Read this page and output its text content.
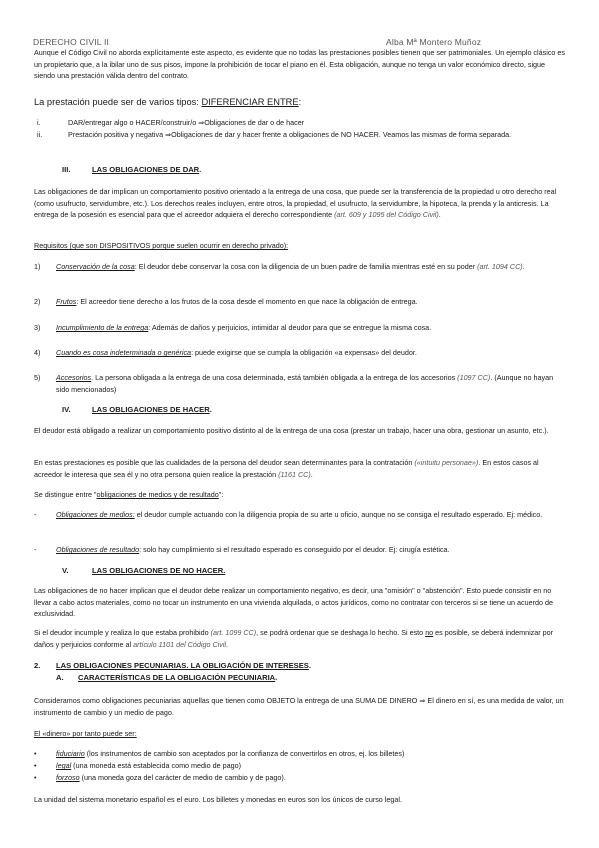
DERECHO CIVIL II	Alba Mª Montero Muñoz

Aunque el Código Civil no aborda explícitamente este aspecto, es evidente que no todas las prestaciones posibles tienen que ser patrimoniales. Un ejemplo clásico es un propietario que, a la ibilar uno de sus pisos, impone la prohibición de tocar el piano en él. Esta obligación, aunque no tenga un valor económico directo, sigue siendo una prestación válida dentro del contrato.

La prestación puede ser de varios tipos: DIFERENCIAR ENTRE:
i.	DAR/entregar algo o HACER/construir/o ⇒Obligaciones de dar o de hacer
ii.	Prestación positiva y negativa ⇒Obligaciones de dar y hacer frente a obligaciones de NO HACER. Veamos las mismas de forma separada.
III.	LAS OBLIGACIONES DE DAR.

Las obligaciones de dar implican un comportamiento positivo orientado a la entrega de una cosa, que puede ser la transferencia de la propiedad u otro derecho real (como usufructo, servidumbre, etc.). Los derechos reales incluyen, entre otros, la propiedad, el usufructo, la servidumbre, la hipoteca, la prenda y la anticresis. La entrega de la posesión es esencial para que el acreedor adquiera el derecho correspondiente (art. 609 y 1095 del Código Civil).

Requisitos (que son DISPOSITIVOS porque suelen ocurrir en derecho privado):
1) Conservación de la cosa: El deudor debe conservar la cosa con la diligencia de un buen padre de familia mientras esté en su poder (art. 1094 CC).
2) Frutos: El acreedor tiene derecho a los frutos de la cosa desde el momento en que nace la obligación de entrega.
3) Incumplimiento de la entrega: Además de daños y perjuicios, intimidar al deudor para que se entregue la misma cosa.
4) Cuando es cosa indeterminada o genérica: puede exigirse que se cumpla la obligación «a expensas» del deudor.
5) Accesorios. La persona obligada a la entrega de una cosa determinada, está también obligada a la entrega de los accesorios (1097 CC). (Aunque no hayan sido mencionados)
IV.	LAS OBLIGACIONES DE HACER.

El deudor está obligado a realizar un comportamiento positivo distinto al de la entrega de una cosa (prestar un trabajo, hacer una obra, gestionar un asunto, etc.).

En estas prestaciones es posible que las cualidades de la persona del deudor sean determinantes para la contratación («intuitu personae»). En estos casos al acreedor le interesa que sea él y no otra persona quien realice la prestación (1161 CC).

Se distingue entre "obligaciones de medios y de resultado":
-	Obligaciones de medios: el deudor cumple actuando con la diligencia propia de su arte u oficio, aunque no se consiga el resultado esperado. Ej: médico.
-	Obligaciones de resultado: solo hay cumplimiento si el resultado esperado es conseguido por el deudor. Ej: cirugía estética.
V.	LAS OBLIGACIONES DE NO HACER.

Las obligaciones de no hacer implican que el deudor debe realizar un comportamiento negativo, es decir, una "omisión" o "abstención". Esto puede consistir en no llevar a cabo actos materiales, como no tocar un instrumento en una vivienda alquilada, o actos jurídicos, como no contratar con terceros si se tiene un acuerdo de exclusividad.

Si el deudor incumple y realiza lo que estaba prohibido (art. 1099 CC), se podrá ordenar que se deshaga lo hecho. Si esto no es posible, se deberá indemnizar por daños y perjuicios conforme al artículo 1101 del Código Civil.

2. LAS OBLIGACIONES PECUNIARIAS. LA OBLIGACIÓN DE INTERESES.
A. CARACTERÍSTICAS DE LA OBLIGACIÓN PECUNIARIA.

Consideramos como obligaciones pecuniarias aquellas que tienen como OBJETO la entrega de una SUMA DE DINERO ⇒ El dinero en sí, es una medida de valor, un instrumento de cambio y un medio de pago.

El «dinero» por tanto puede ser:
•	fiduciario (los instrumentos de cambio son aceptados por la confianza de convertirlos en otros, ej. los billetes)
•	legal (una moneda está establecida como medio de pago)
•	forzoso (una moneda goza del carácter de medio de cambio y de pago).

La unidad del sistema monetario español es el euro. Los billetes y monedas en euros son los únicos de curso legal.
